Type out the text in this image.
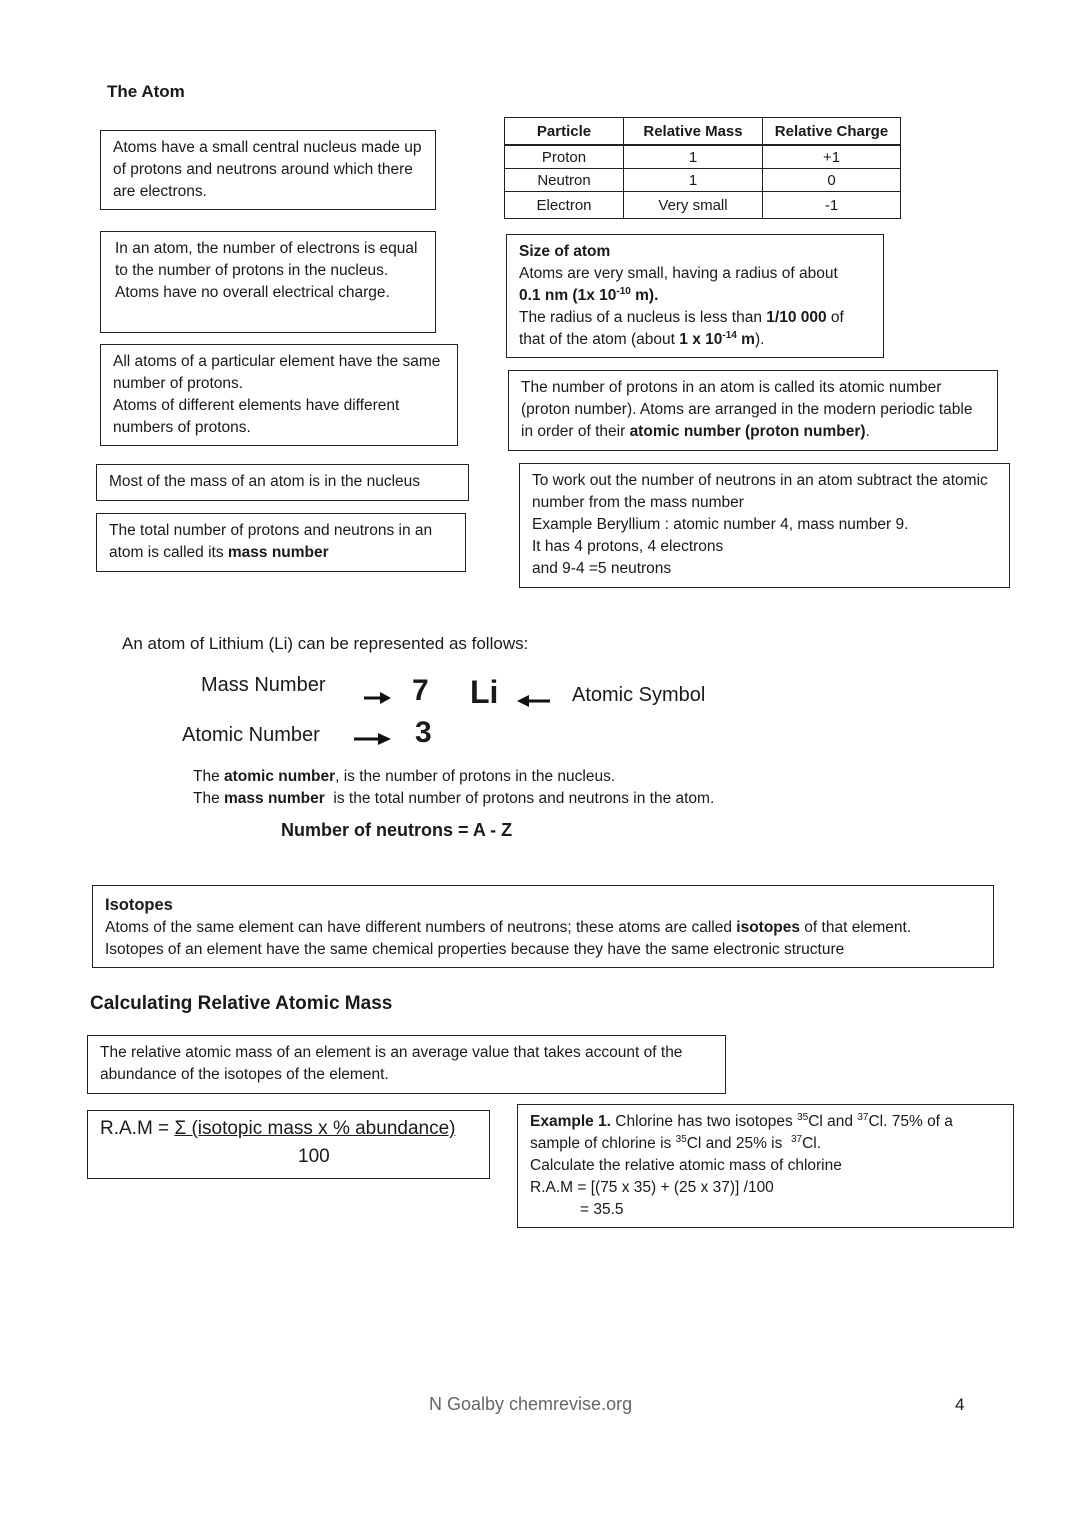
The Atom
Atoms have a small central nucleus made up of protons and neutrons around which there are electrons.
In an atom, the number of electrons is equal to the number of protons in the nucleus. Atoms have no overall electrical charge.
All atoms of a particular element have the same number of protons.
Atoms of different elements have different numbers of protons.
Most of the mass of an atom is in the nucleus
The total number of protons and neutrons in an atom is called its mass number
Particle	Relative Mass	Relative Charge
Proton	1	+1
Neutron	1	0
Electron	Very small	-1
Size of atom
Atoms are very small, having a radius of about
0.1 nm (1x $10^{-10}$ m).
The radius of a nucleus is less than 1/10 000 of
that of the atom (about 1 x $10^{-14}$ m).
The number of protons in an atom is called its atomic number (proton number). Atoms are arranged in the modern periodic table in order of their atomic number (proton number).
To work out the number of neutrons in an atom subtract the atomic number from the mass number
Example Beryllium : atomic number 4, mass number 9.
It has 4 protons, 4 electrons
and 9-4 =5 neutrons
An atom of Lithium (Li) can be represented as follows:
Mass Number	7 Li	Atomic Symbol
Atomic Number	3
The atomic number, is the number of protons in the nucleus.
The mass number  is the total number of protons and neutrons in the atom.
Number of neutrons = A - Z
Isotopes
Atoms of the same element can have different numbers of neutrons; these atoms are called isotopes of that element.
Isotopes of an element have the same chemical properties because they have the same electronic structure
Calculating Relative Atomic Mass
The relative atomic mass of an element is an average value that takes account of the abundance of the isotopes of the element.
R.A.M = Σ (isotopic mass x % abundance)
100
Example 1. Chlorine has two isotopes $^{35}$Cl and $^{37}$Cl. 75% of a
sample of chlorine is $^{35}$Cl and 25% is  $^{37}$Cl.
Calculate the relative atomic mass of chlorine
R.A.M = [(75 x 35) + (25 x 37)] /100
= 35.5
N Goalby chemrevise.org	4
